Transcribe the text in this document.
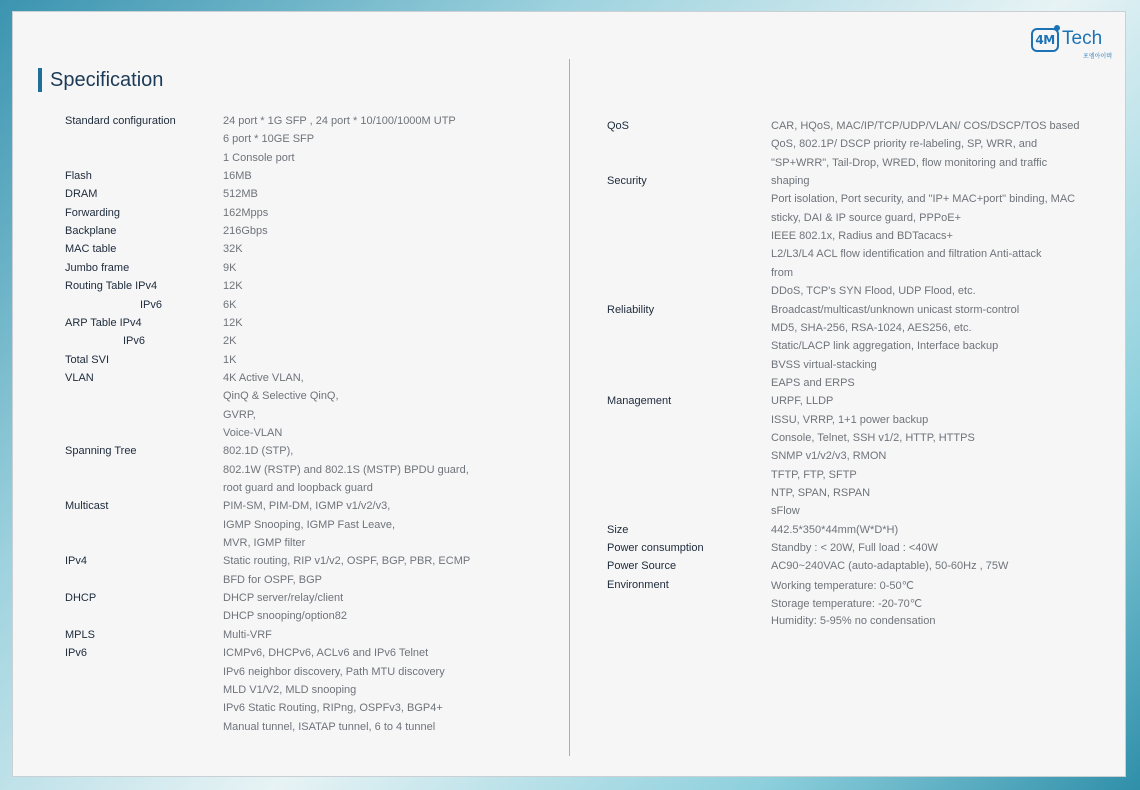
4M Tech
포엠아이텍
Specification
Standard configuration	24 port * 1G SFP , 24 port * 10/100/1000M UTP
6 port * 10GE SFP
1 Console port
Flash	16MB
DRAM	512MB
Forwarding	162Mpps
Backplane	216Gbps
MAC table	32K
Jumbo frame	9K
Routing Table IPv4	12K
IPv6	6K
ARP Table IPv4	12K
IPv6	2K
Total SVI	1K
VLAN	4K Active VLAN,
QinQ & Selective QinQ,
GVRP,
Voice-VLAN
Spanning Tree	802.1D (STP),
802.1W (RSTP) and 802.1S (MSTP) BPDU guard,
root guard and loopback guard
Multicast	PIM-SM, PIM-DM, IGMP v1/v2/v3,
IGMP Snooping, IGMP Fast Leave,
MVR, IGMP filter
IPv4	Static routing, RIP v1/v2, OSPF, BGP, PBR, ECMP
BFD for OSPF, BGP
DHCP	DHCP server/relay/client
DHCP snooping/option82
MPLS	Multi-VRF
IPv6	ICMPv6, DHCPv6, ACLv6 and IPv6 Telnet
IPv6 neighbor discovery, Path MTU discovery
MLD V1/V2, MLD snooping
IPv6 Static Routing, RIPng, OSPFv3, BGP4+
Manual tunnel, ISATAP tunnel, 6 to 4 tunnel
QoS	CAR, HQoS, MAC/IP/TCP/UDP/VLAN/ COS/DSCP/TOS based
QoS, 802.1P/ DSCP priority re-labeling, SP, WRR, and
"SP+WRR", Tail-Drop, WRED, flow monitoring and traffic
Security	shaping
Port isolation, Port security, and "IP+ MAC+port" binding, MAC
sticky, DAI & IP source guard, PPPoE+
IEEE 802.1x, Radius and BDTacacs+
L2/L3/L4 ACL flow identification and filtration Anti-attack
from
DDoS, TCP's SYN Flood, UDP Flood, etc.
Reliability	Broadcast/multicast/unknown unicast storm-control
MD5, SHA-256, RSA-1024, AES256, etc.
Static/LACP link aggregation, Interface backup
BVSS virtual-stacking
EAPS and ERPS
Management	URPF, LLDP
ISSU, VRRP, 1+1 power backup
Console, Telnet, SSH v1/2, HTTP, HTTPS
SNMP v1/v2/v3, RMON
TFTP, FTP, SFTP
NTP, SPAN, RSPAN
sFlow
Size	442.5*350*44mm(W*D*H)
Power consumption	Standby : < 20W, Full load : <40W
Power Source	AC90~240VAC (auto-adaptable), 50-60Hz , 75W
Environment	Working temperature: 0-50℃
Storage temperature: -20-70℃
Humidity: 5-95% no condensation
